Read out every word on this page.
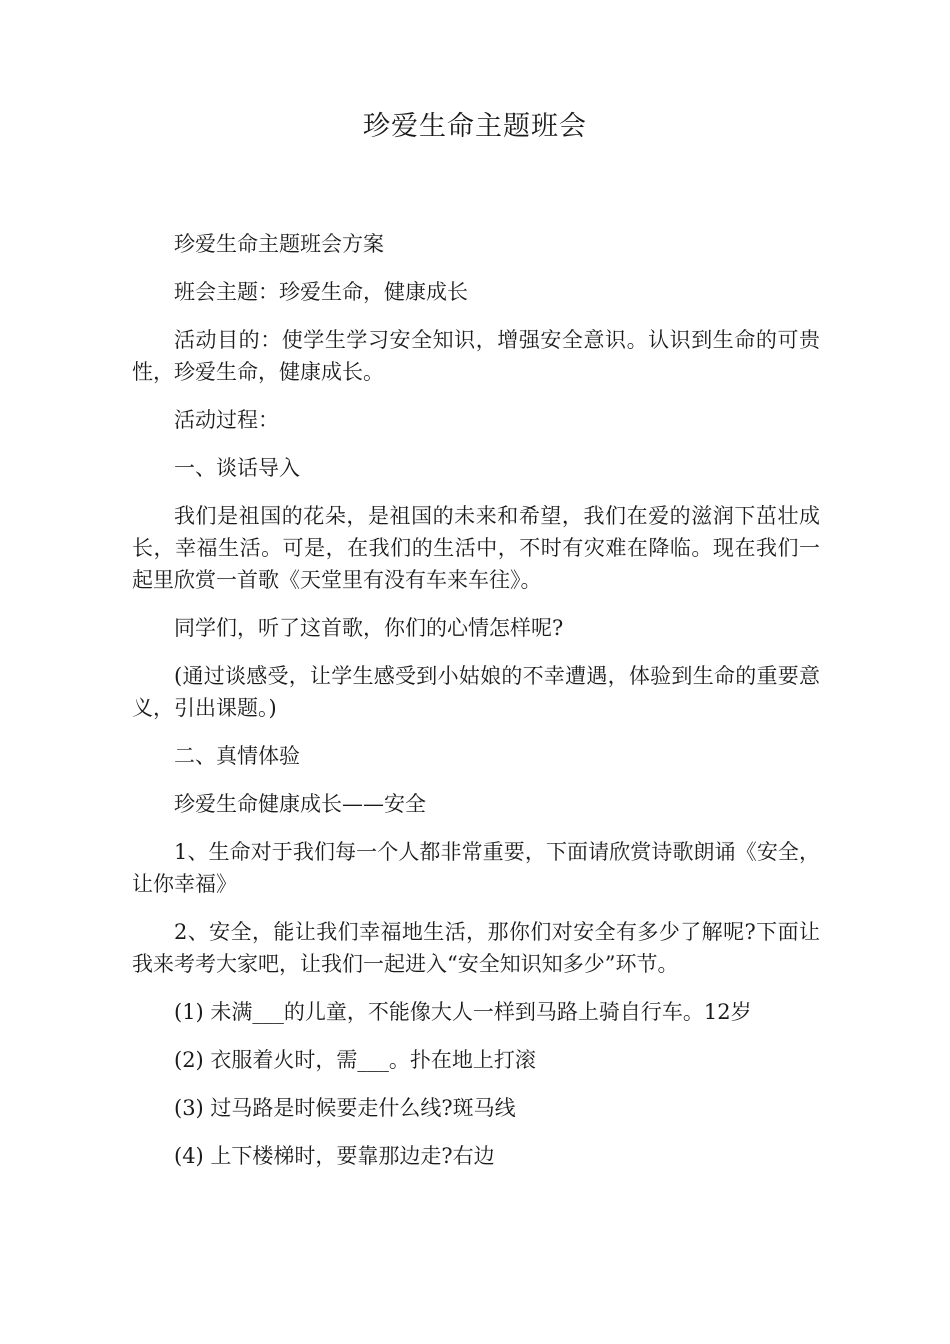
珍爱生命主题班会

珍爱生命主题班会方案

班会主题：珍爱生命，健康成长

活动目的：使学生学习安全知识，增强安全意识。认识到生命的可贵性，珍爱生命，健康成长。

活动过程：

一、谈话导入

我们是祖国的花朵，是祖国的未来和希望，我们在爱的滋润下茁壮成长，幸福生活。可是，在我们的生活中，不时有灾难在降临。现在我们一起里欣赏一首歌《天堂里有没有车来车往》。

同学们，听了这首歌，你们的心情怎样呢?

(通过谈感受，让学生感受到小姑娘的不幸遭遇，体验到生命的重要意义，引出课题。)

二、真情体验

珍爱生命健康成长——安全

1、生命对于我们每一个人都非常重要，下面请欣赏诗歌朗诵《安全，让你幸福》

2、安全，能让我们幸福地生活，那你们对安全有多少了解呢?下面让我来考考大家吧，让我们一起进入“安全知识知多少”环节。

(1) 未满___的儿童，不能像大人一样到马路上骑自行车。12岁

(2) 衣服着火时，需___。扑在地上打滚

(3) 过马路是时候要走什么线?斑马线

(4) 上下楼梯时，要靠那边走?右边
